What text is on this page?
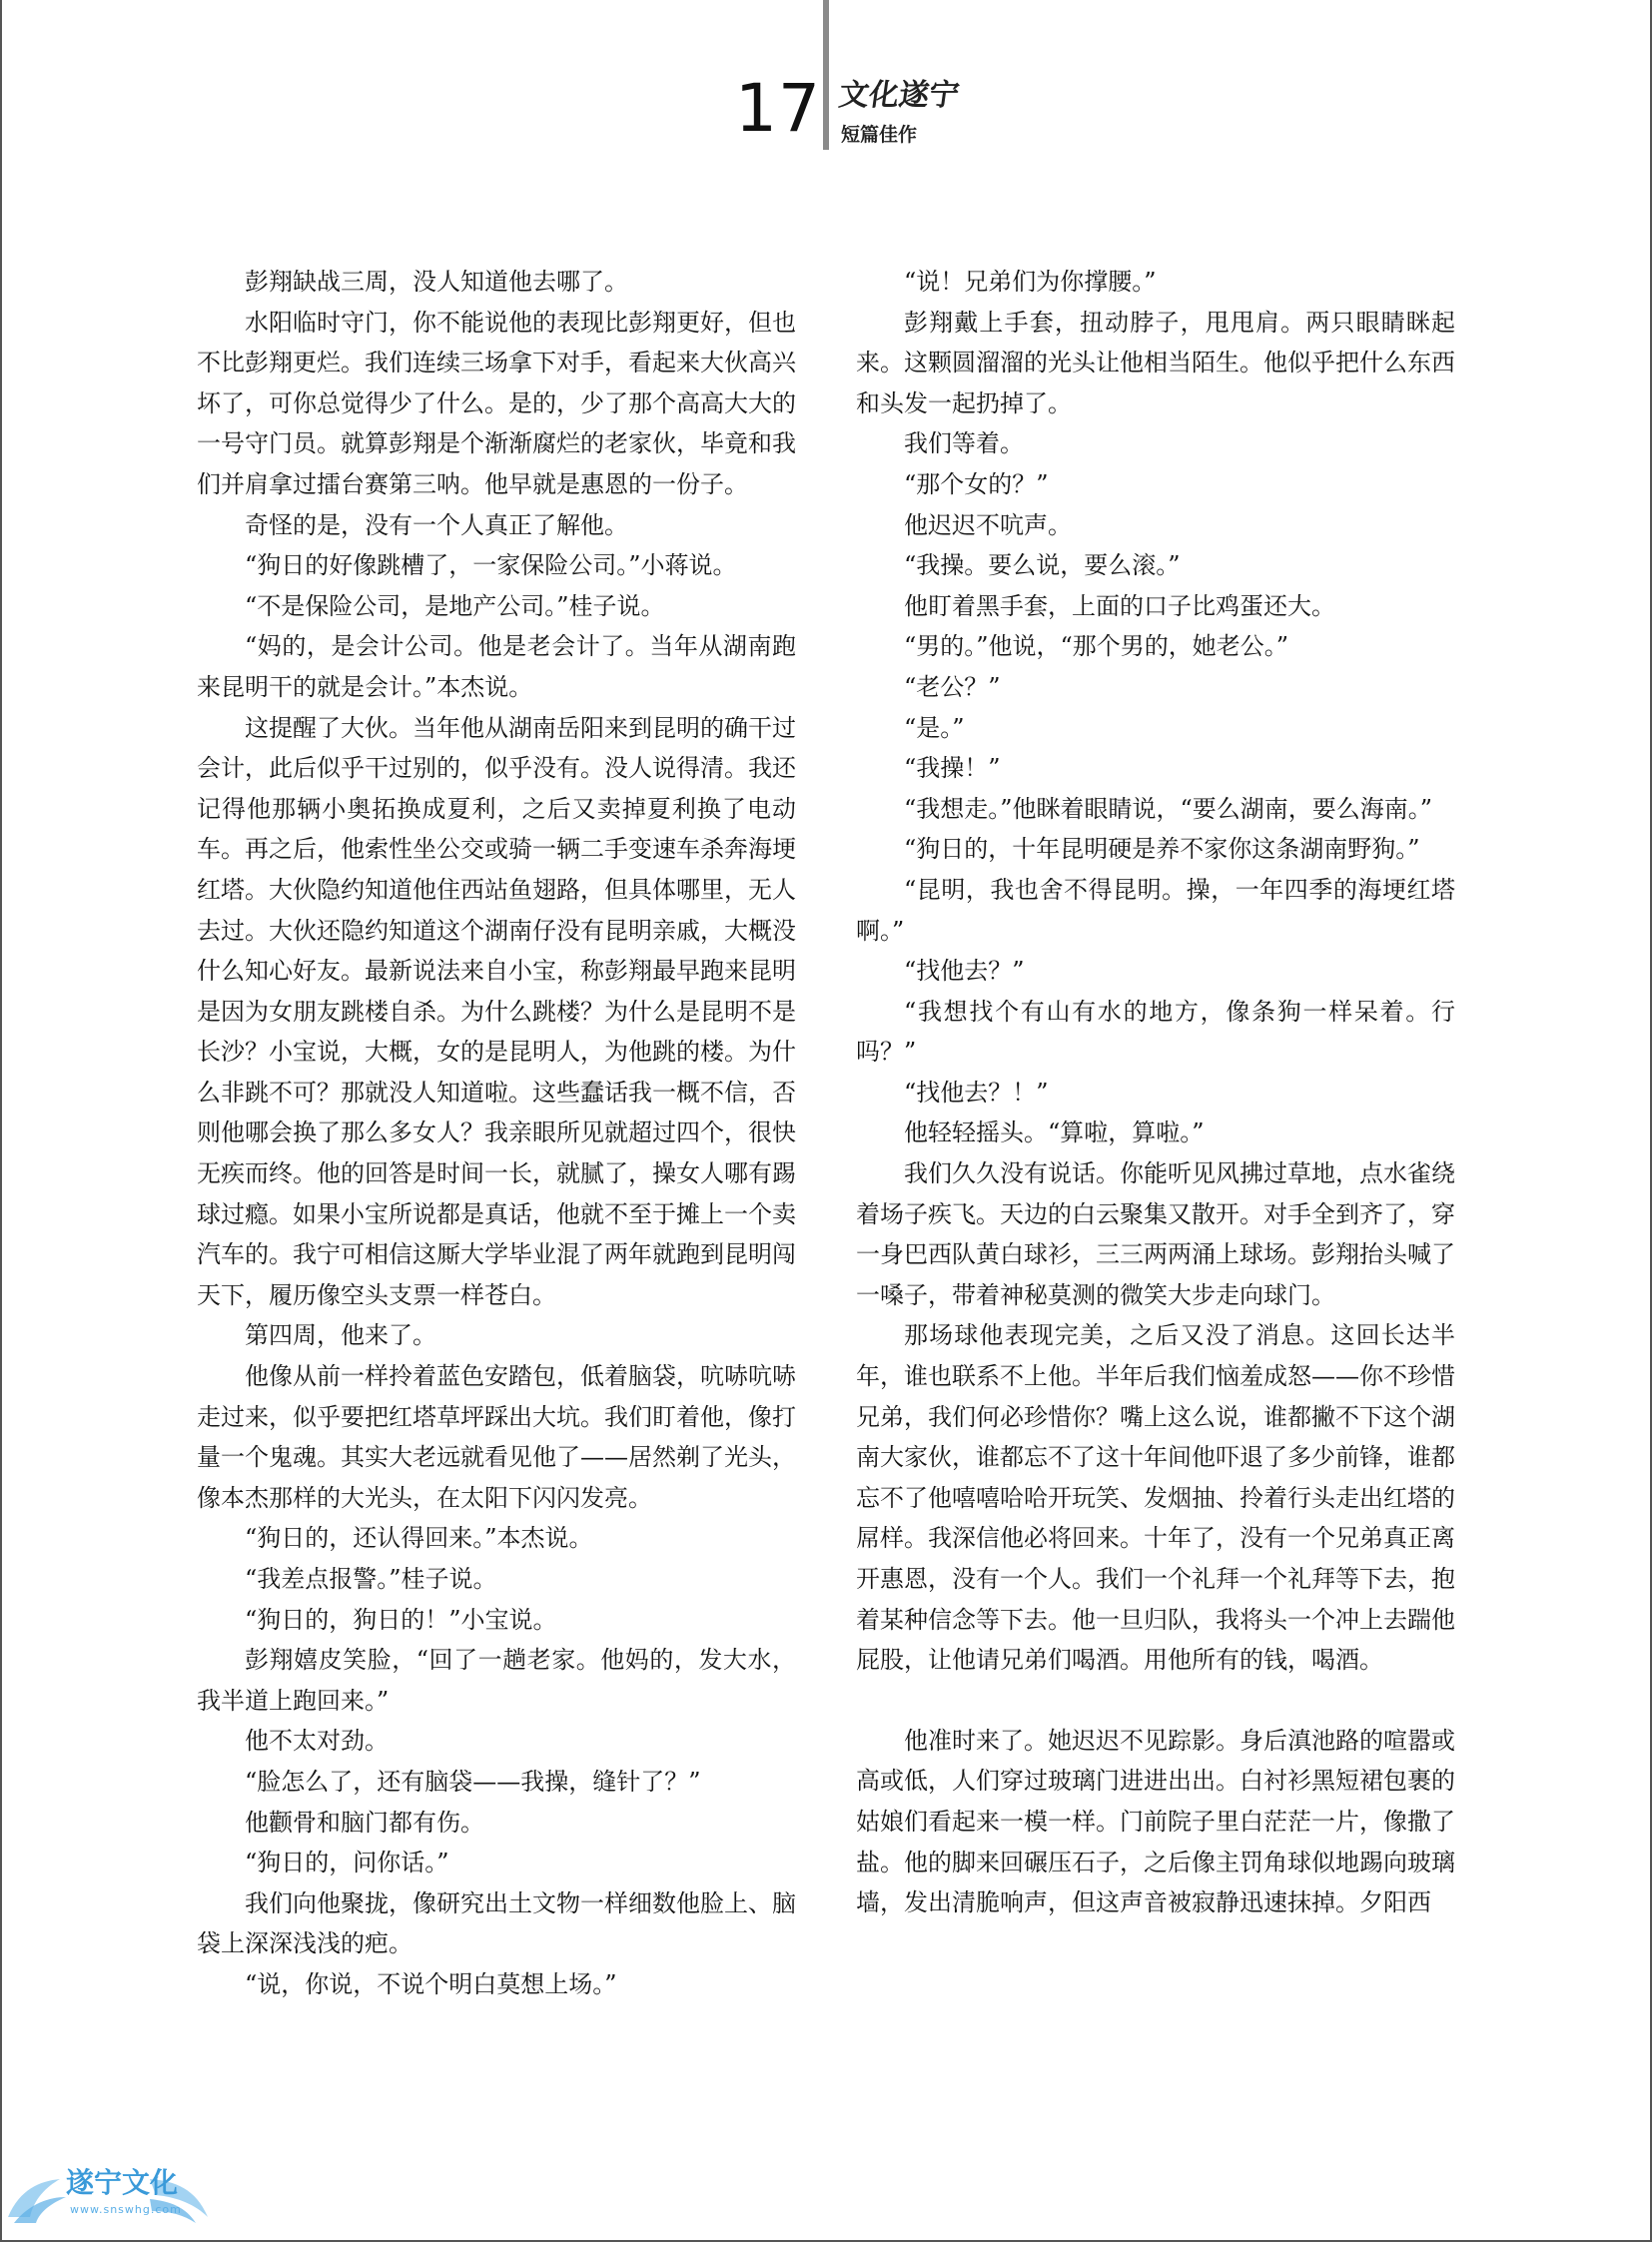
17 文化遂宁
短篇佳作

彭翔缺战三周，没人知道他去哪了。

水阳临时守门，你不能说他的表现比彭翔更好，但也不比彭翔更烂。我们连续三场拿下对手，看起来大伙高兴坏了，可你总觉得少了什么。是的，少了那个高高大大的一号守门员。就算彭翔是个渐渐腐烂的老家伙，毕竟和我们并肩拿过擂台赛第三呐。他早就是惠恩的一份子。

奇怪的是，没有一个人真正了解他。

“狗日的好像跳槽了，一家保险公司。”小蒋说。

“不是保险公司，是地产公司。”桂子说。

“妈的，是会计公司。他是老会计了。当年从湖南跑来昆明干的就是会计。”本杰说。

这提醒了大伙。当年他从湖南岳阳来到昆明的确干过会计，此后似乎干过别的，似乎没有。没人说得清。我还记得他那辆小奥拓换成夏利，之后又卖掉夏利换了电动车。再之后，他索性坐公交或骑一辆二手变速车杀奔海埂红塔。大伙隐约知道他住西站鱼翅路，但具体哪里，无人去过。大伙还隐约知道这个湖南仔没有昆明亲戚，大概没什么知心好友。最新说法来自小宝，称彭翔最早跑来昆明是因为女朋友跳楼自杀。为什么跳楼？为什么是昆明不是长沙？小宝说，大概，女的是昆明人，为他跳的楼。为什么非跳不可？那就没人知道啦。这些蠢话我一概不信，否则他哪会换了那么多女人？我亲眼所见就超过四个，很快无疾而终。他的回答是时间一长，就腻了，操女人哪有踢球过瘾。如果小宝所说都是真话，他就不至于摊上一个卖汽车的。我宁可相信这厮大学毕业混了两年就跑到昆明闯天下，履历像空头支票一样苍白。

第四周，他来了。

他像从前一样拎着蓝色安踏包，低着脑袋，吭哧吭哧走过来，似乎要把红塔草坪踩出大坑。我们盯着他，像打量一个鬼魂。其实大老远就看见他了——居然剃了光头，像本杰那样的大光头，在太阳下闪闪发亮。

“狗日的，还认得回来。”本杰说。

“我差点报警。”桂子说。

“狗日的，狗日的！”小宝说。

彭翔嬉皮笑脸，“回了一趟老家。他妈的，发大水，我半道上跑回来。”

他不太对劲。

“脸怎么了，还有脑袋——我操，缝针了？”

他颧骨和脑门都有伤。

“狗日的，问你话。”

我们向他聚拢，像研究出土文物一样细数他脸上、脑袋上深深浅浅的疤。

“说，你说，不说个明白莫想上场。”

“说！兄弟们为你撑腰。”

彭翔戴上手套，扭动脖子，甩甩肩。两只眼睛眯起来。这颗圆溜溜的光头让他相当陌生。他似乎把什么东西和头发一起扔掉了。

我们等着。

“那个女的？”

他迟迟不吭声。

“我操。要么说，要么滚。”

他盯着黑手套，上面的口子比鸡蛋还大。

“男的。”他说，“那个男的，她老公。”

“老公？”

“是。”

“我操！”

“我想走。”他眯着眼睛说，“要么湖南，要么海南。”

“狗日的，十年昆明硬是养不家你这条湖南野狗。”

“昆明，我也舍不得昆明。操，一年四季的海埂红塔啊。”

“找他去？”

“我想找个有山有水的地方，像条狗一样呆着。行吗？”

“找他去？！”

他轻轻摇头。“算啦，算啦。”

我们久久没有说话。你能听见风拂过草地，点水雀绕着场子疾飞。天边的白云聚集又散开。对手全到齐了，穿一身巴西队黄白球衫，三三两两涌上球场。彭翔抬头喊了一嗓子，带着神秘莫测的微笑大步走向球门。

那场球他表现完美，之后又没了消息。这回长达半年，谁也联系不上他。半年后我们恼羞成怒——你不珍惜兄弟，我们何必珍惜你？嘴上这么说，谁都撇不下这个湖南大家伙，谁都忘不了这十年间他吓退了多少前锋，谁都忘不了他嘻嘻哈哈开玩笑、发烟抽、拎着行头走出红塔的屌样。我深信他必将回来。十年了，没有一个兄弟真正离开惠恩，没有一个人。我们一个礼拜一个礼拜等下去，抱着某种信念等下去。他一旦归队，我将头一个冲上去踹他屁股，让他请兄弟们喝酒。用他所有的钱，喝酒。

他准时来了。她迟迟不见踪影。身后滇池路的喧嚣或高或低，人们穿过玻璃门进进出出。白衬衫黑短裙包裹的姑娘们看起来一模一样。门前院子里白茫茫一片，像撒了盐。他的脚来回碾压石子，之后像主罚角球似地踢向玻璃墙，发出清脆响声，但这声音被寂静迅速抹掉。夕阳西

遂宁文化
www.snswhg.com
